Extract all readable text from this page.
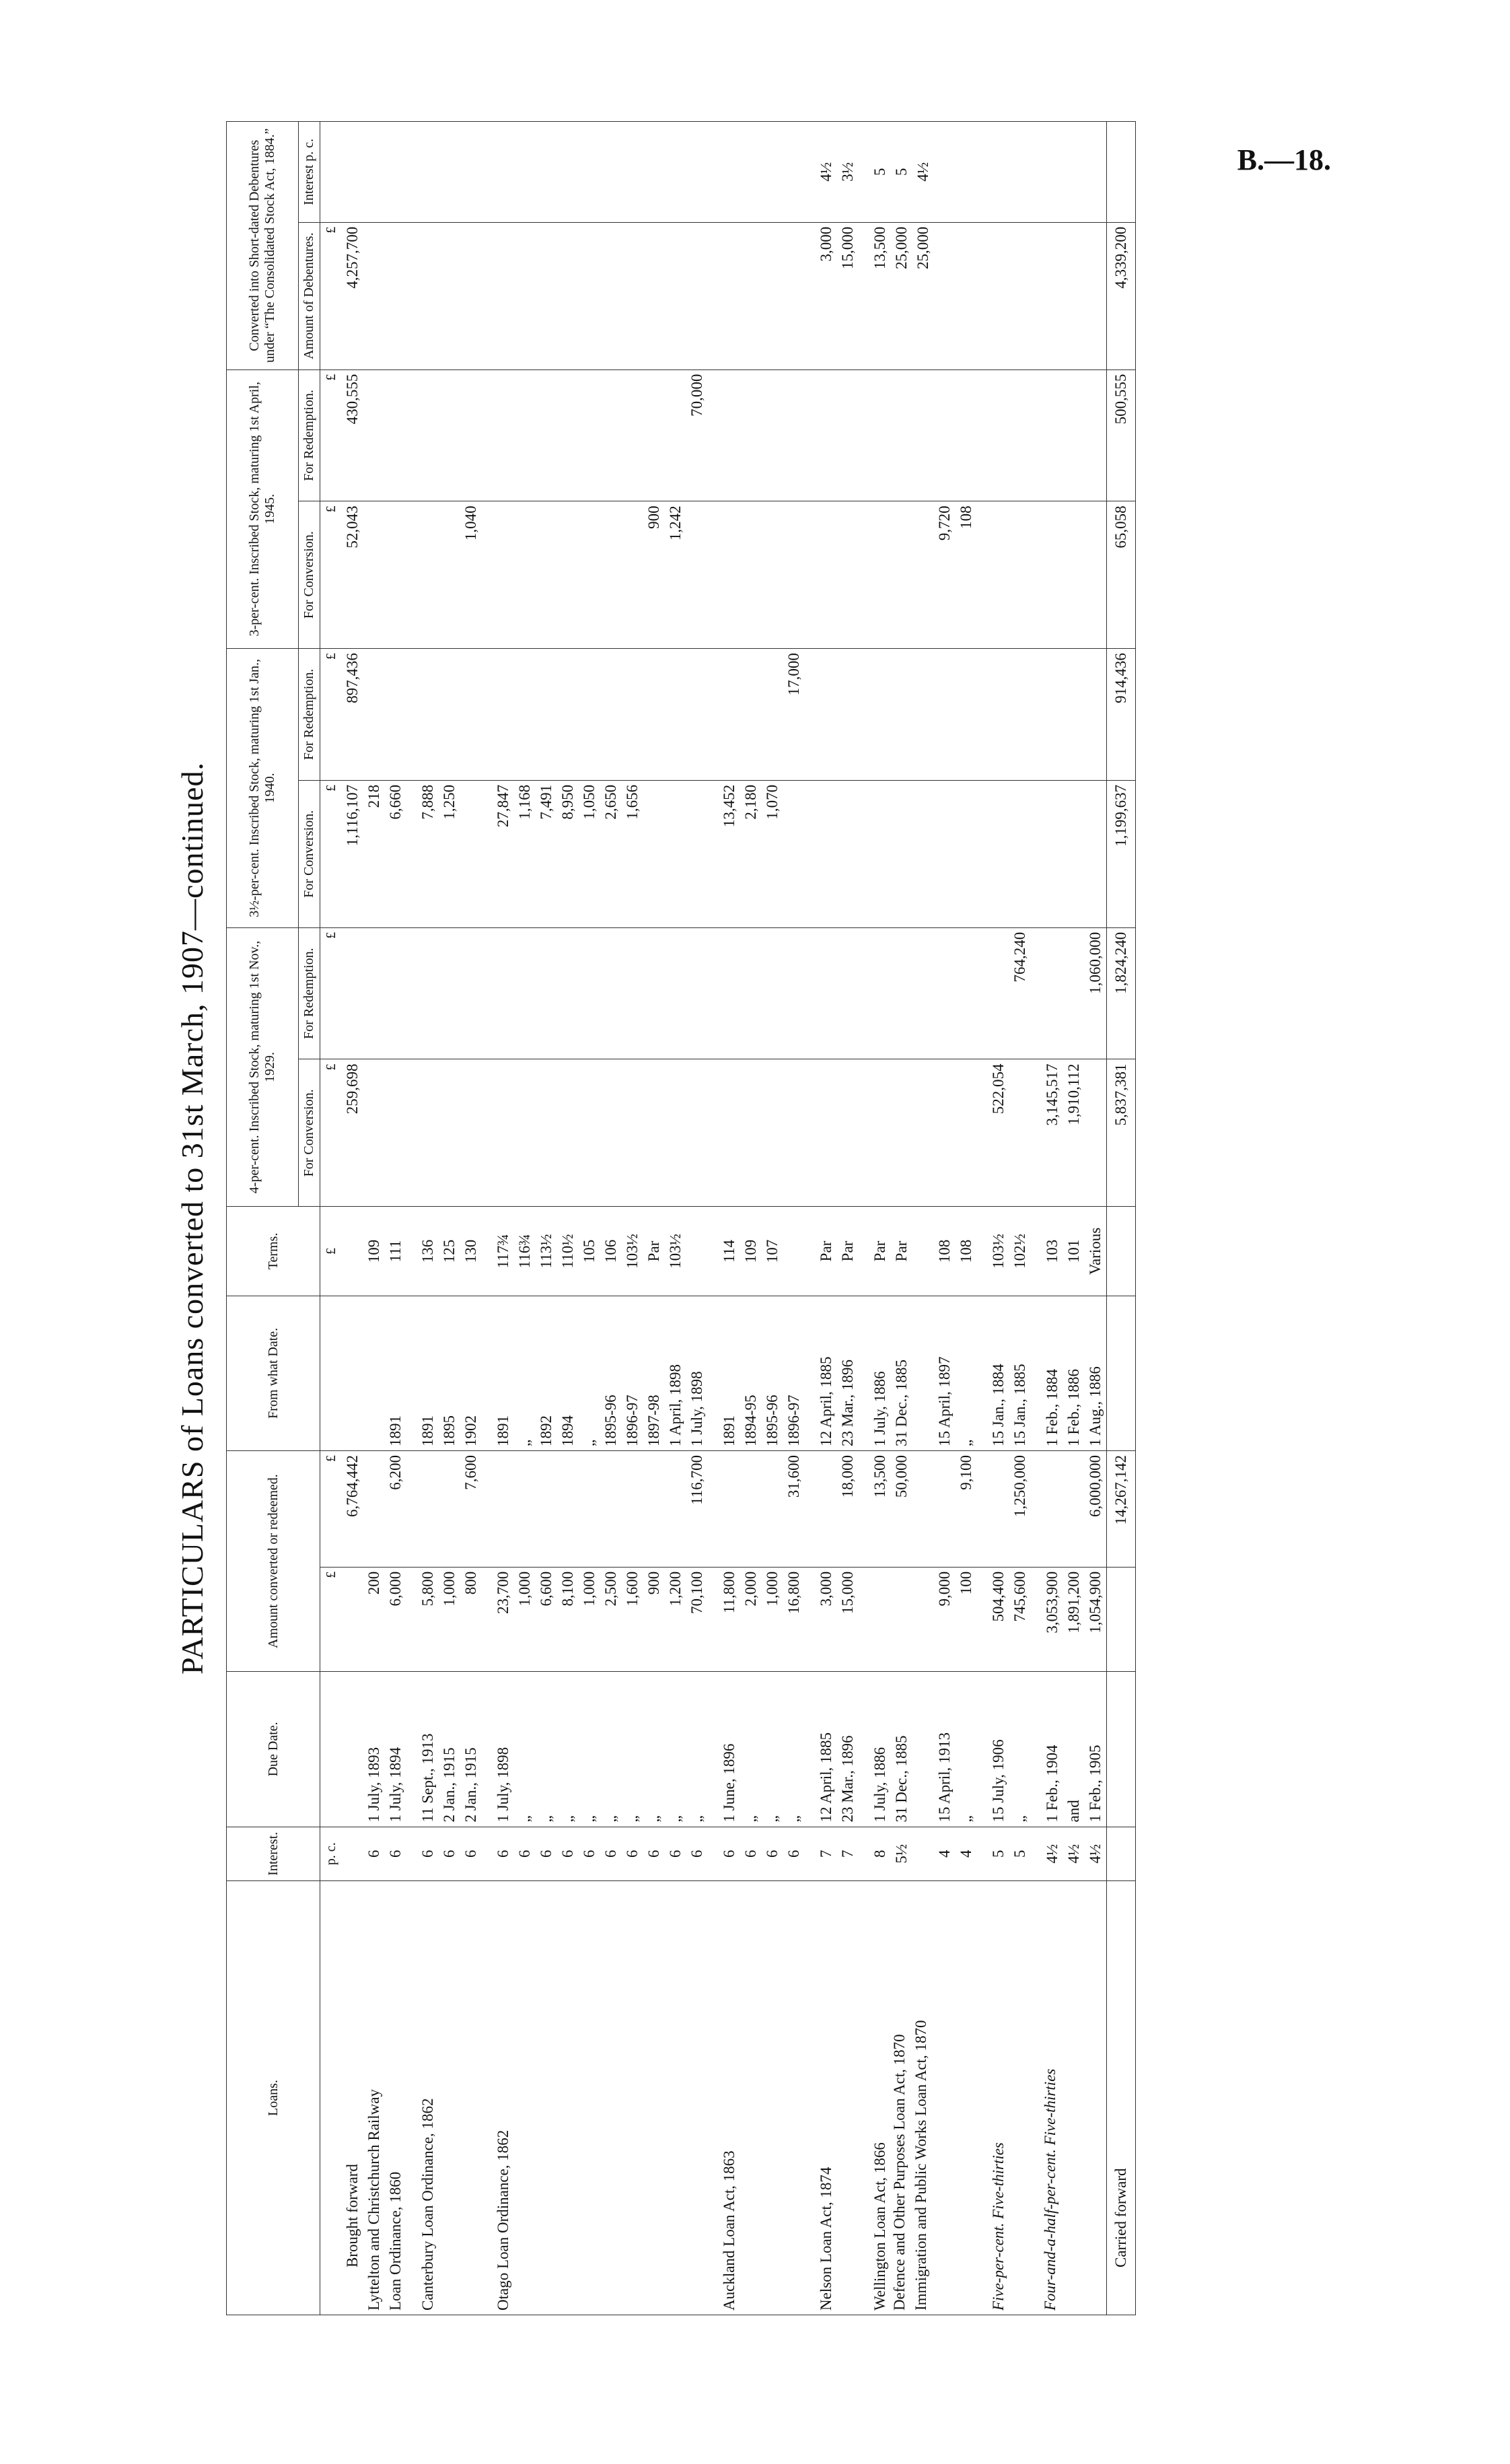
B.—18.
PARTICULARS of Loans converted to 31st March, 1907—continued.
Loans.	Interest.	Due Date.	Amount converted or redeemed.		From what Date.	Terms.	4-per-cent. Inscribed Stock, maturing 1st Nov., 1929.		3½-per-cent. Inscribed Stock, maturing 1st Jan., 1940.		3-per-cent. Inscribed Stock, maturing 1st April, 1945.		Converted into Short-dated Debentures under “The Consolidated Stock Act, 1884.”	
							For Conversion.	For Redemption.	For Conversion.	For Redemption.	For Conversion.	For Redemption.	Amount of Debentures.	Interest p. c.
	p. c.		£	£		£	£	£	£	£	£	£	£	
Brought forward				6,764,442			259,698		1,116,107	897,436	52,043	430,555	4,257,700	
Lyttelton and Christchurch Railway	6	1 July, 1893	200			109			218					
Loan Ordinance, 1860	6	1 July, 1894	6,000	6,200	1891	111			6,660					

Canterbury Loan Ordinance, 1862	6	11 Sept., 1913	5,800		1891	136			7,888					
	6	2 Jan., 1915	1,000		1895	125			1,250					
	6	2 Jan., 1915	800	7,600	1902	130					1,040			

Otago Loan Ordinance, 1862	6	1 July, 1898	23,700		1891	117¾			27,847					
	6	„	1,000		„	116¾			1,168					
	6	„	6,600		1892	113½			7,491					
	6	„	8,100		1894	110½			8,950					
	6	„	1,000		„	105			1,050					
	6	„	2,500		1895-96	106			2,650					
	6	„	1,600		1896-97	103½			1,656					
	6	„	900		1897-98	Par					900			
	6	„	1,200		1 April, 1898	103½					1,242			
	6	„	70,100	116,700	1 July, 1898							70,000		

Auckland Loan Act, 1863	6	1 June, 1896	11,800		1891	114			13,452					
	6	„	2,000		1894-95	109			2,180					
	6	„	1,000		1895-96	107			1,070					
	6	„	16,800	31,600	1896-97					17,000				

Nelson Loan Act, 1874	7	12 April, 1885	3,000		12 April, 1885	Par							3,000	4½
	7	23 Mar., 1896	15,000	18,000	23 Mar., 1896	Par							15,000	3½

Wellington Loan Act, 1866	8	1 July, 1886		13,500	1 July, 1886	Par							13,500	5
Defence and Other Purposes Loan Act, 1870	5½	31 Dec., 1885		50,000	31 Dec., 1885	Par							25,000	5
Immigration and Public Works Loan Act, 1870													25,000	4½
	4	15 April, 1913	9,000		15 April, 1897	108					9,720			
	4	„	100	9,100	„	108					108			

Five-per-cent. Five-thirties	5	15 July, 1906	504,400		15 Jan., 1884	103½	522,054							
	5	„	745,600	1,250,000	15 Jan., 1885	102½		764,240						

Four-and-a-half-per-cent. Five-thirties	4½	1 Feb., 1904	3,053,900		1 Feb., 1884	103	3,145,517							
	4½	and	1,891,200		1 Feb., 1886	101	1,910,112							
	4½	1 Feb., 1905	1,054,900	6,000,000	1 Aug., 1886	Various		1,060,000						
Carried forward				14,267,142			5,837,381	1,824,240	1,199,637	914,436	65,058	500,555	4,339,200	
